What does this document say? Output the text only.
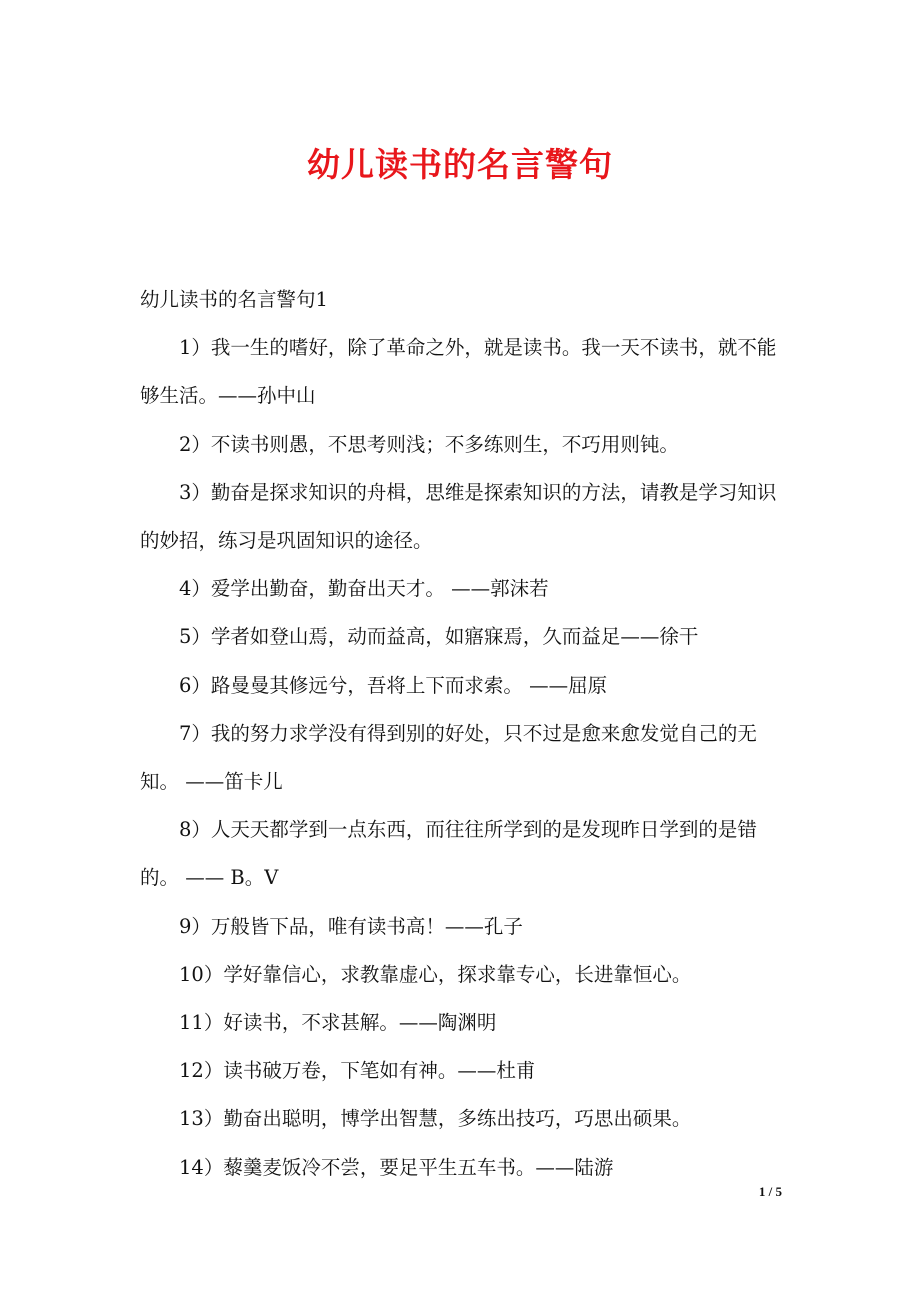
幼儿读书的名言警句

幼儿读书的名言警句1

1）我一生的嗜好，除了革命之外，就是读书。我一天不读书，就不能够生活。——孙中山

2）不读书则愚，不思考则浅；不多练则生，不巧用则钝。

3）勤奋是探求知识的舟楫，思维是探索知识的方法，请教是学习知识的妙招，练习是巩固知识的途径。

4）爱学出勤奋，勤奋出天才。 ——郭沫若

5）学者如登山焉，动而益高，如寤寐焉，久而益足——徐干

6）路曼曼其修远兮，吾将上下而求索。 ——屈原

7）我的努力求学没有得到别的好处，只不过是愈来愈发觉自己的无知。 ——笛卡儿

8）人天天都学到一点东西，而往往所学到的是发现昨日学到的是错的。 —— B。V

9）万般皆下品，唯有读书高！——孔子

10）学好靠信心，求教靠虚心，探求靠专心，长进靠恒心。

11）好读书，不求甚解。——陶渊明

12）读书破万卷，下笔如有神。——杜甫

13）勤奋出聪明，博学出智慧，多练出技巧，巧思出硕果。

14）藜羹麦饭冷不尝，要足平生五车书。——陆游

1 / 5
